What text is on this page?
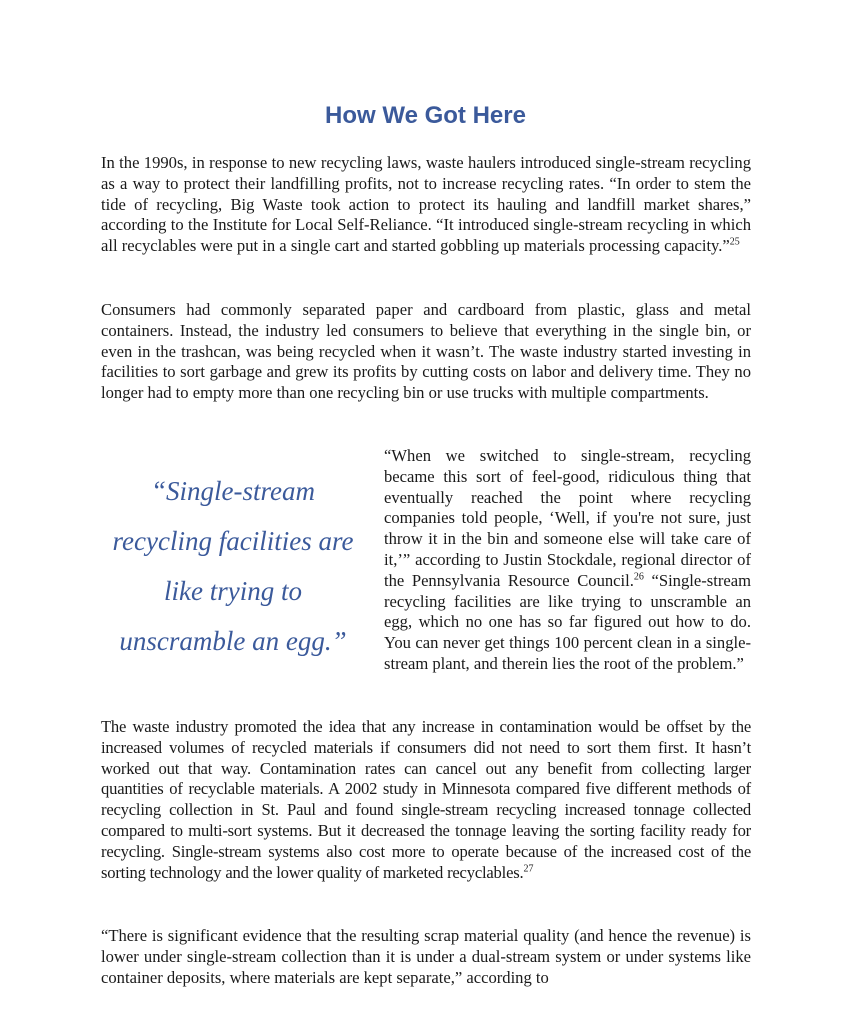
How We Got Here

In the 1990s, in response to new recycling laws, waste haulers introduced single-stream recycling as a way to protect their landfilling profits, not to increase recycling rates. “In order to stem the tide of recycling, Big Waste took action to protect its hauling and landfill market shares,” according to the Institute for Local Self-Reliance. “It introduced single-stream recycling in which all recyclables were put in a single cart and started gobbling up materials processing capacity.”$^{25}$

Consumers had commonly separated paper and cardboard from plastic, glass and metal containers. Instead, the industry led consumers to believe that everything in the single bin, or even in the trashcan, was being recycled when it wasn’t. The waste industry started investing in facilities to sort garbage and grew its profits by cutting costs on labor and delivery time. They no longer had to empty more than one recycling bin or use trucks with multiple compartments.

“Single-stream recycling facilities are like trying to unscramble an egg.”

“When we switched to single-stream, recycling became this sort of feel-good, ridiculous thing that eventually reached the point where recycling companies told people, ‘Well, if you're not sure, just throw it in the bin and someone else will take care of it,’” according to Justin Stockdale, regional director of the Pennsylvania Resource Council.$^{26}$ “Single-stream recycling facilities are like trying to unscramble an egg, which no one has so far figured out how to do. You can never get things 100 percent clean in a single-stream plant, and therein lies the root of the problem.”

The waste industry promoted the idea that any increase in contamination would be offset by the increased volumes of recycled materials if consumers did not need to sort them first. It hasn’t worked out that way. Contamination rates can cancel out any benefit from collecting larger quantities of recyclable materials. A 2002 study in Minnesota compared five different methods of recycling collection in St. Paul and found single-stream recycling increased tonnage collected compared to multi-sort systems. But it decreased the tonnage leaving the sorting facility ready for recycling. Single-stream systems also cost more to operate because of the increased cost of the sorting technology and the lower quality of marketed recyclables.$^{27}$

“There is significant evidence that the resulting scrap material quality (and hence the revenue) is lower under single-stream collection than it is under a dual-stream system or under systems like container deposits, where materials are kept separate,” according to
